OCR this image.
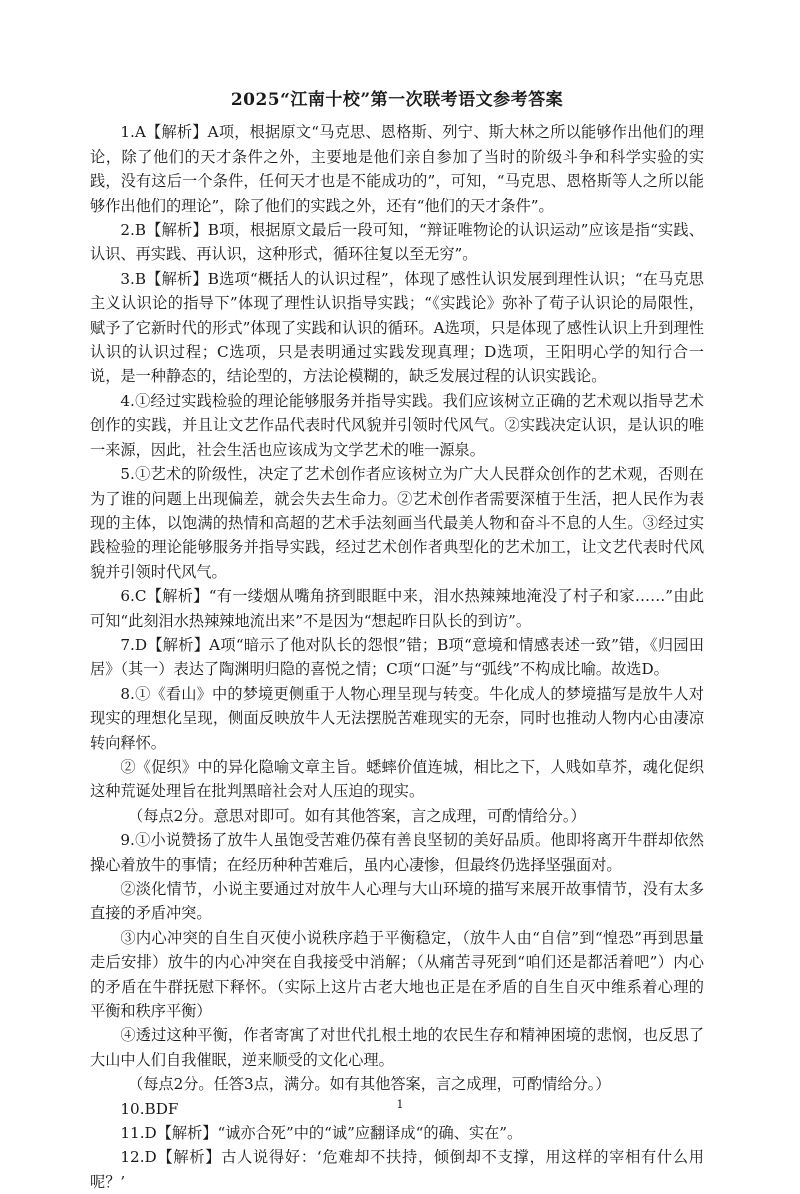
2025“江南十校”第一次联考语文参考答案

1.A【解析】A项，根据原文“马克思、恩格斯、列宁、斯大林之所以能够作出他们的理论，除了他们的天才条件之外，主要地是他们亲自参加了当时的阶级斗争和科学实验的实践，没有这后一个条件，任何天才也是不能成功的”，可知，“马克思、恩格斯等人之所以能够作出他们的理论”，除了他们的实践之外，还有“他们的天才条件”。

2.B【解析】B项，根据原文最后一段可知，“辩证唯物论的认识运动”应该是指“实践、认识、再实践、再认识，这种形式，循环往复以至无穷”。

3.B【解析】B选项“概括人的认识过程”，体现了感性认识发展到理性认识；“在马克思主义认识论的指导下”体现了理性认识指导实践；“《实践论》弥补了荀子认识论的局限性，赋予了它新时代的形式”体现了实践和认识的循环。A选项，只是体现了感性认识上升到理性认识的认识过程；C选项，只是表明通过实践发现真理；D选项，王阳明心学的知行合一说，是一种静态的，结论型的，方法论模糊的，缺乏发展过程的认识实践论。

4.①经过实践检验的理论能够服务并指导实践。我们应该树立正确的艺术观以指导艺术创作的实践，并且让文艺作品代表时代风貌并引领时代风气。②实践决定认识，是认识的唯一来源，因此，社会生活也应该成为文学艺术的唯一源泉。

5.①艺术的阶级性，决定了艺术创作者应该树立为广大人民群众创作的艺术观，否则在为了谁的问题上出现偏差，就会失去生命力。②艺术创作者需要深植于生活，把人民作为表现的主体，以饱满的热情和高超的艺术手法刻画当代最美人物和奋斗不息的人生。③经过实践检验的理论能够服务并指导实践，经过艺术创作者典型化的艺术加工，让文艺代表时代风貌并引领时代风气。

6.C【解析】“有一缕烟从嘴角挤到眼眶中来，泪水热辣辣地淹没了村子和家……”由此可知“此刻泪水热辣辣地流出来”不是因为“想起昨日队长的到访”。

7.D【解析】A项“暗示了他对队长的怨恨”错；B项“意境和情感表述一致”错，《归园田居》（其一）表达了陶渊明归隐的喜悦之情；C项“口涎”与“弧线”不构成比喻。故选D。

8.①《看山》中的梦境更侧重于人物心理呈现与转变。牛化成人的梦境描写是放牛人对现实的理想化呈现，侧面反映放牛人无法摆脱苦难现实的无奈，同时也推动人物内心由凄凉转向释怀。

②《促织》中的异化隐喻文章主旨。蟋蟀价值连城，相比之下，人贱如草芥，魂化促织这种荒诞处理旨在批判黑暗社会对人压迫的现实。

（每点2分。意思对即可。如有其他答案，言之成理，可酌情给分。）

9.①小说赞扬了放牛人虽饱受苦难仍葆有善良坚韧的美好品质。他即将离开牛群却依然操心着放牛的事情；在经历种种苦难后，虽内心凄惨，但最终仍选择坚强面对。

②淡化情节，小说主要通过对放牛人心理与大山环境的描写来展开故事情节，没有太多直接的矛盾冲突。

③内心冲突的自生自灭使小说秩序趋于平衡稳定，（放牛人由“自信”到“惶恐”再到思量走后安排）放牛的内心冲突在自我接受中消解；（从痛苦寻死到“咱们还是都活着吧”）内心的矛盾在牛群抚慰下释怀。（实际上这片古老大地也正是在矛盾的自生自灭中维系着心理的平衡和秩序平衡）

④透过这种平衡，作者寄寓了对世代扎根土地的农民生存和精神困境的悲悯，也反思了大山中人们自我催眠，逆来顺受的文化心理。

（每点2分。任答3点，满分。如有其他答案，言之成理，可酌情给分。）

10.BDF

11.D【解析】“诚亦合死”中的“诚”应翻译成“的确、实在”。

12.D【解析】古人说得好：‘危难却不扶持，倾倒却不支撑，用这样的宰相有什么用呢？’

1
